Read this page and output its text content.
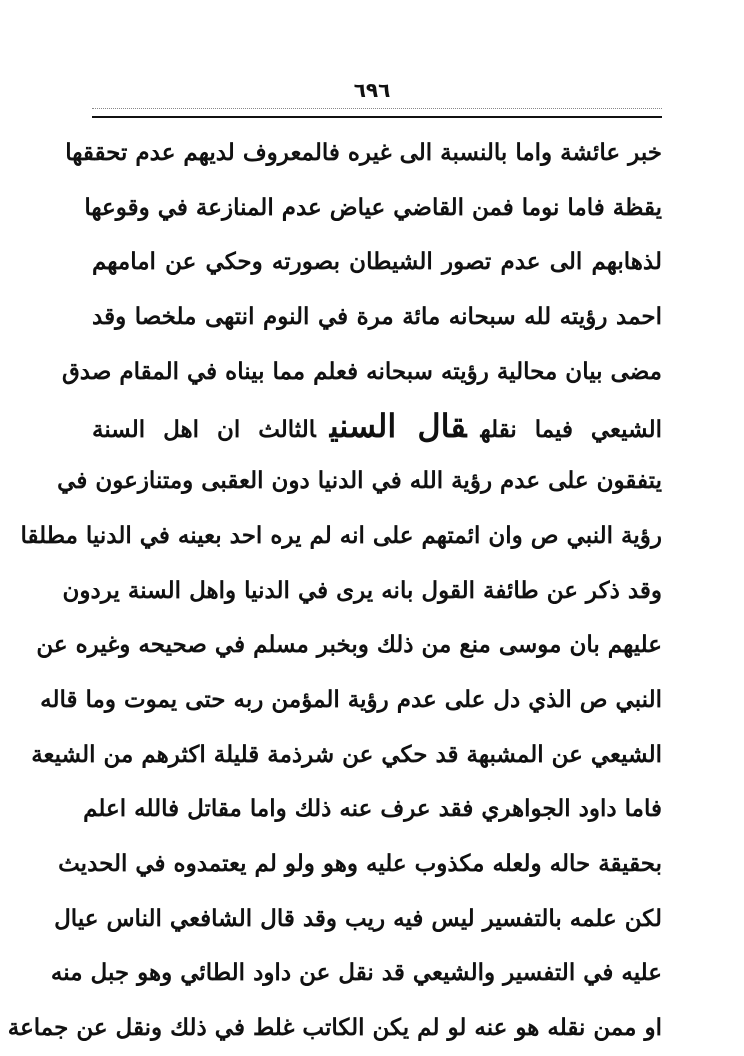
٦٩٦
خبر عائشة واما بالنسبة الى غيره فالمعروف لديهم عدم تحققها
يقظة فاما نوما فمن القاضي عياض عدم المنازعة في وقوعها
لذهابهم الى عدم تصور الشيطان بصورته وحكي عن امامهم
احمد رؤيته لله سبحانه مائة مرة في النوم انتهى ملخصا وقد
مضى بيان محالية رؤيته سبحانه فعلم مما بيناه في المقام صدق
الشيعي فيما نقلهقال السنيالثالث ان اهل السنة
يتفقون على عدم رؤية الله في الدنيا دون العقبى ومتنازعون في
رؤية النبي ص وان ائمتهم على انه لم يره احد بعينه في الدنيا مطلقا
وقد ذكر عن طائفة القول بانه يرى في الدنيا واهل السنة يردون
عليهم بان موسى منع من ذلك وبخبر مسلم في صحيحه وغيره عن
النبي ص الذي دل على عدم رؤية المؤمن ربه حتى يموت وما قاله
الشيعي عن المشبهة قد حكي عن شرذمة قليلة اكثرهم من الشيعة
فاما داود الجواهري فقد عرف عنه ذلك واما مقاتل فالله اعلم
بحقيقة حاله ولعله مكذوب عليه وهو ولو لم يعتمدوه في الحديث
لكن علمه بالتفسير ليس فيه ريب وقد قال الشافعي الناس عيال
عليه في التفسير والشيعي قد نقل عن داود الطائي وهو جبل منه
او ممن نقله هو عنه لو لم يكن الكاتب غلط في ذلك ونقل عن جماعة
